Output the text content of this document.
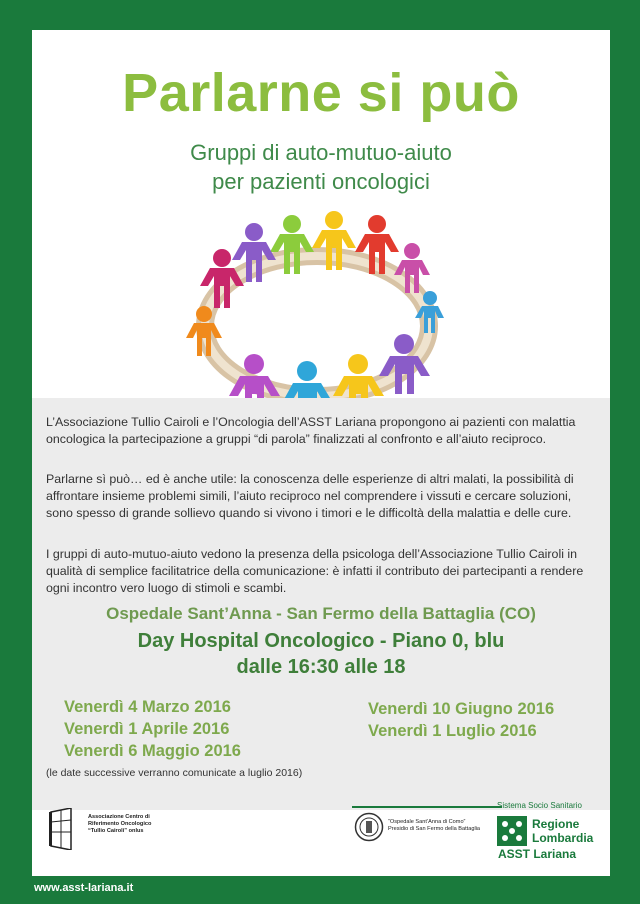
Parlarne si può
Gruppi di auto-mutuo-aiuto
per pazienti oncologici
L’Associazione Tullio Cairoli e l’Oncologia dell’ASST Lariana propongono ai pazienti con malattia oncologica la partecipazione a gruppi “di parola” finalizzati al confronto e all’aiuto reciproco.
Parlarne sì può… ed è anche utile: la conoscenza delle esperienze di altri malati, la possibilità di affrontare insieme problemi simili, l’aiuto reciproco nel comprendere i vissuti e cercare soluzioni, sono spesso di grande sollievo quando si vivono i timori e le difficoltà della malattia e delle cure.
I gruppi di auto-mutuo-aiuto vedono la presenza della psicologa dell’Associazione Tullio Cairoli in qualità di semplice facilitatrice della comunicazione: è infatti il contributo dei partecipanti a rendere ogni incontro vero luogo di stimoli e scambi.
Ospedale Sant’Anna - San Fermo della Battaglia (CO)
Day Hospital Oncologico - Piano 0, blu
dalle 16:30 alle 18
Venerdì 4 Marzo 2016
Venerdì 1 Aprile 2016
Venerdì 6 Maggio 2016
Venerdì 10 Giugno 2016
Venerdì 1 Luglio 2016
(le date successive verranno comunicate a luglio 2016)
Associazione Centro di
Riferimento Oncologico
“Tullio Cairoli” onlus
“Ospedale Sant’Anna di Como”
Presidio di San Fermo della Battaglia
Sistema Socio Sanitario
Regione
Lombardia
ASST Lariana
www.asst-lariana.it
